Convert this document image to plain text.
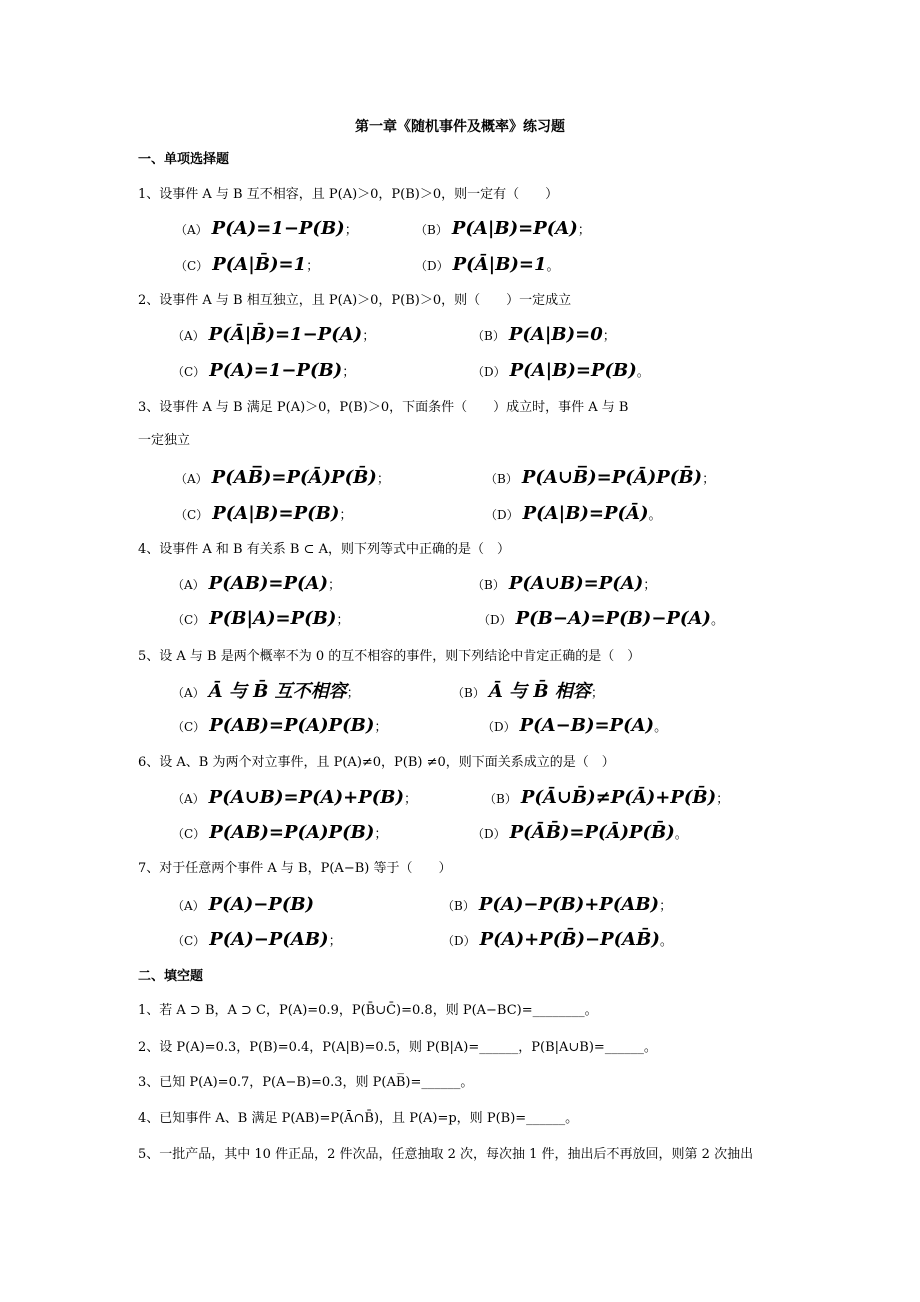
第一章《随机事件及概率》练习题
一、单项选择题
1、设事件 A 与 B 互不相容，且 P(A)＞0，P(B)＞0，则一定有（　　）
（A） P(A)=1−P(B)；	（B） P(A|B)=P(A)；
（C） P(A|B̄)=1；	（D） P(Ā|B)=1。
2、设事件 A 与 B 相互独立，且 P(A)＞0，P(B)＞0，则（　　）一定成立
（A） P(Ā|B̄)=1−P(A)；	（B） P(A|B)=0；
（C） P(A)=1−P(B)；	（D） P(A|B)=P(B)。
3、设事件 A 与 B 满足 P(A)＞0，P(B)＞0，下面条件（　　）成立时，事件 A 与 B
一定独立
（A） P(AB̅)=P(Ā)P(B̄)；	（B） P(A∪B̅)=P(Ā)P(B̄)；
（C） P(A|B)=P(B)；	（D） P(A|B)=P(Ā)。
4、设事件 A 和 B 有关系 B ⊂ A，则下列等式中正确的是（　）
（A） P(AB)=P(A)；	（B） P(A∪B)=P(A)；
（C） P(B|A)=P(B)；	（D） P(B−A)=P(B)−P(A)。
5、设 A 与 B 是两个概率不为 0 的互不相容的事件，则下列结论中肯定正确的是（　）
（A） Ā 与 B̄ 互不相容；	（B） Ā 与 B̄ 相容；
（C） P(AB)=P(A)P(B)；	（D） P(A−B)=P(A)。
6、设 A、B 为两个对立事件，且 P(A)≠0，P(B) ≠0，则下面关系成立的是（　）
（A） P(A∪B)=P(A)+P(B)；	（B） P(Ā∪B̄)≠P(Ā)+P(B̄)；
（C） P(AB)=P(A)P(B)；	（D） P(ĀB̄)=P(Ā)P(B̄)。
7、对于任意两个事件 A 与 B，P(A−B) 等于（　　）
（A） P(A)−P(B)	（B） P(A)−P(B)+P(AB)；
（C） P(A)−P(AB)；	（D） P(A)+P(B̄)−P(AB̄)。
二、填空题
1、若 A ⊃ B，A ⊃ C，P(A)=0.9，P(B̄∪C̄)=0.8，则 P(A−BC)=________。
2、设 P(A)=0.3，P(B)=0.4，P(A|B)=0.5，则 P(B|A)=______，P(B|A∪B)=______。
3、已知 P(A)=0.7，P(A−B)=0.3，则 P(AB̅)=______。
4、已知事件 A、B 满足 P(AB)=P(Ā∩B̄)，且 P(A)=p，则 P(B)=______。
5、一批产品，其中 10 件正品，2 件次品，任意抽取 2 次，每次抽 1 件，抽出后不再放回，则第 2 次抽出
